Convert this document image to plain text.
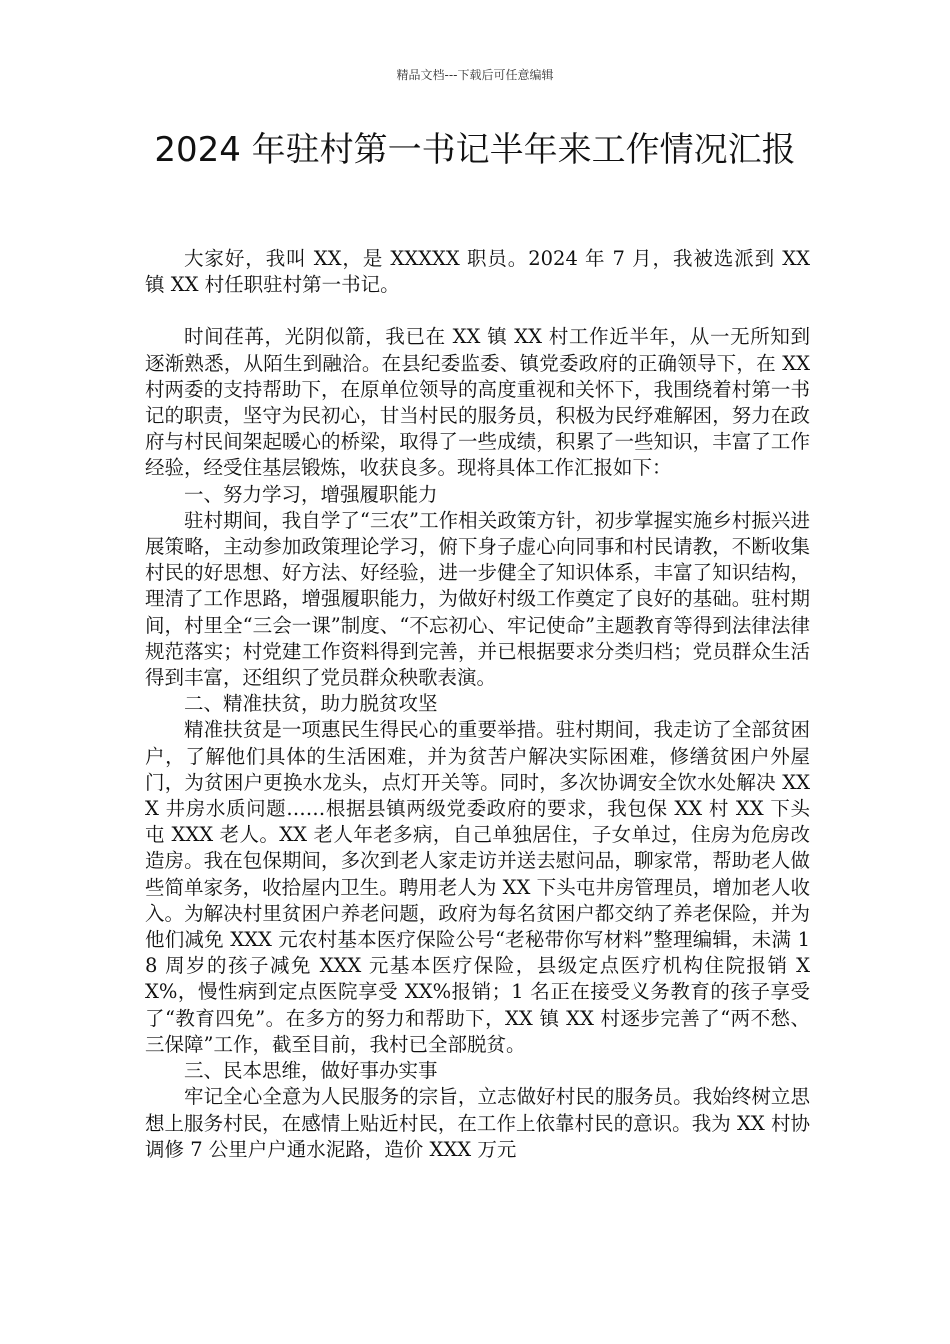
精品文档---下载后可任意编辑
2024 年驻村第一书记半年来工作情况汇报

大家好，我叫 XX，是 XXXXX 职员。2024 年 7 月，我被选派到 XX 镇 XX 村任职驻村第一书记。

时间荏苒，光阴似箭，我已在 XX 镇 XX 村工作近半年，从一无所知到逐渐熟悉，从陌生到融洽。在县纪委监委、镇党委政府的正确领导下，在 XX 村两委的支持帮助下，在原单位领导的高度重视和关怀下，我围绕着村第一书记的职责，坚守为民初心，甘当村民的服务员，积极为民纾难解困，努力在政府与村民间架起暖心的桥梁，取得了一些成绩，积累了一些知识，丰富了工作经验，经受住基层锻炼，收获良多。现将具体工作汇报如下：

一、努力学习，增强履职能力

驻村期间，我自学了“三农”工作相关政策方针，初步掌握实施乡村振兴进展策略，主动参加政策理论学习，俯下身子虚心向同事和村民请教，不断收集村民的好思想、好方法、好经验，进一步健全了知识体系，丰富了知识结构，理清了工作思路，增强履职能力，为做好村级工作奠定了良好的基础。驻村期间，村里全“三会一课”制度、“不忘初心、牢记使命”主题教育等得到法律法律规范落实；村党建工作资料得到完善，并已根据要求分类归档；党员群众生活得到丰富，还组织了党员群众秧歌表演。

二、精准扶贫，助力脱贫攻坚

精准扶贫是一项惠民生得民心的重要举措。驻村期间，我走访了全部贫困户，了解他们具体的生活困难，并为贫苦户解决实际困难，修缮贫困户外屋门，为贫困户更换水龙头，点灯开关等。同时，多次协调安全饮水处解决 XXX 井房水质问题……根据县镇两级党委政府的要求，我包保 XX 村 XX 下头屯 XXX 老人。XX 老人年老多病，自己单独居住，子女单过，住房为危房改造房。我在包保期间，多次到老人家走访并送去慰问品，聊家常，帮助老人做些简单家务，收拾屋内卫生。聘用老人为 XX 下头屯井房管理员，增加老人收入。为解决村里贫困户养老问题，政府为每名贫困户都交纳了养老保险，并为他们减免 XXX 元农村基本医疗保险公号“老秘带你写材料”整理编辑，未满 18 周岁的孩子减免 XXX 元基本医疗保险，县级定点医疗机构住院报销 XX%，慢性病到定点医院享受 XX%报销；1 名正在接受义务教育的孩子享受了“教育四免”。在多方的努力和帮助下，XX 镇 XX 村逐步完善了“两不愁、三保障”工作，截至目前，我村已全部脱贫。

三、民本思维，做好事办实事

牢记全心全意为人民服务的宗旨，立志做好村民的服务员。我始终树立思想上服务村民，在感情上贴近村民，在工作上依靠村民的意识。我为 XX 村协调修 7 公里户户通水泥路，造价 XXX 万元
